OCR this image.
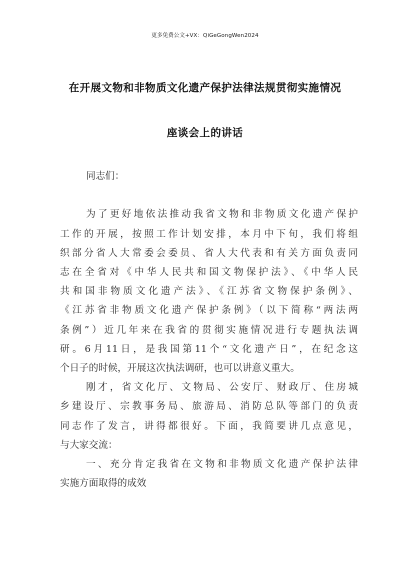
更多免费公文+VX：QiGeGongWen2024
在开展文物和非物质文化遗产保护法律法规贯彻实施情况
座谈会上的讲话
同志们：
为了更好地依法推动我省文物和非物质文化遗产保护
工作的开展，按照工作计划安排，本月中下旬，我们将组
织部分省人大常委会委员、省人大代表和有关方面负责同
志在全省对《中华人民共和国文物保护法》、《中华人民
共和国非物质文化遗产法》、《江苏省文物保护条例》、
《江苏省非物质文化遗产保护条例》（以下简称“两法两
条例”）近几年来在我省的贯彻实施情况进行专题执法调
研。6月11日，是我国第11个“文化遗产日”，在纪念这
个日子的时候，开展这次执法调研，也可以讲意义重大。
刚才，省文化厅、文物局、公安厅、财政厅、住房城
乡建设厅、宗教事务局、旅游局、消防总队等部门的负责
同志作了发言，讲得都很好。下面，我简要讲几点意见，
与大家交流：
一、充分肯定我省在文物和非物质文化遗产保护法律
实施方面取得的成效
